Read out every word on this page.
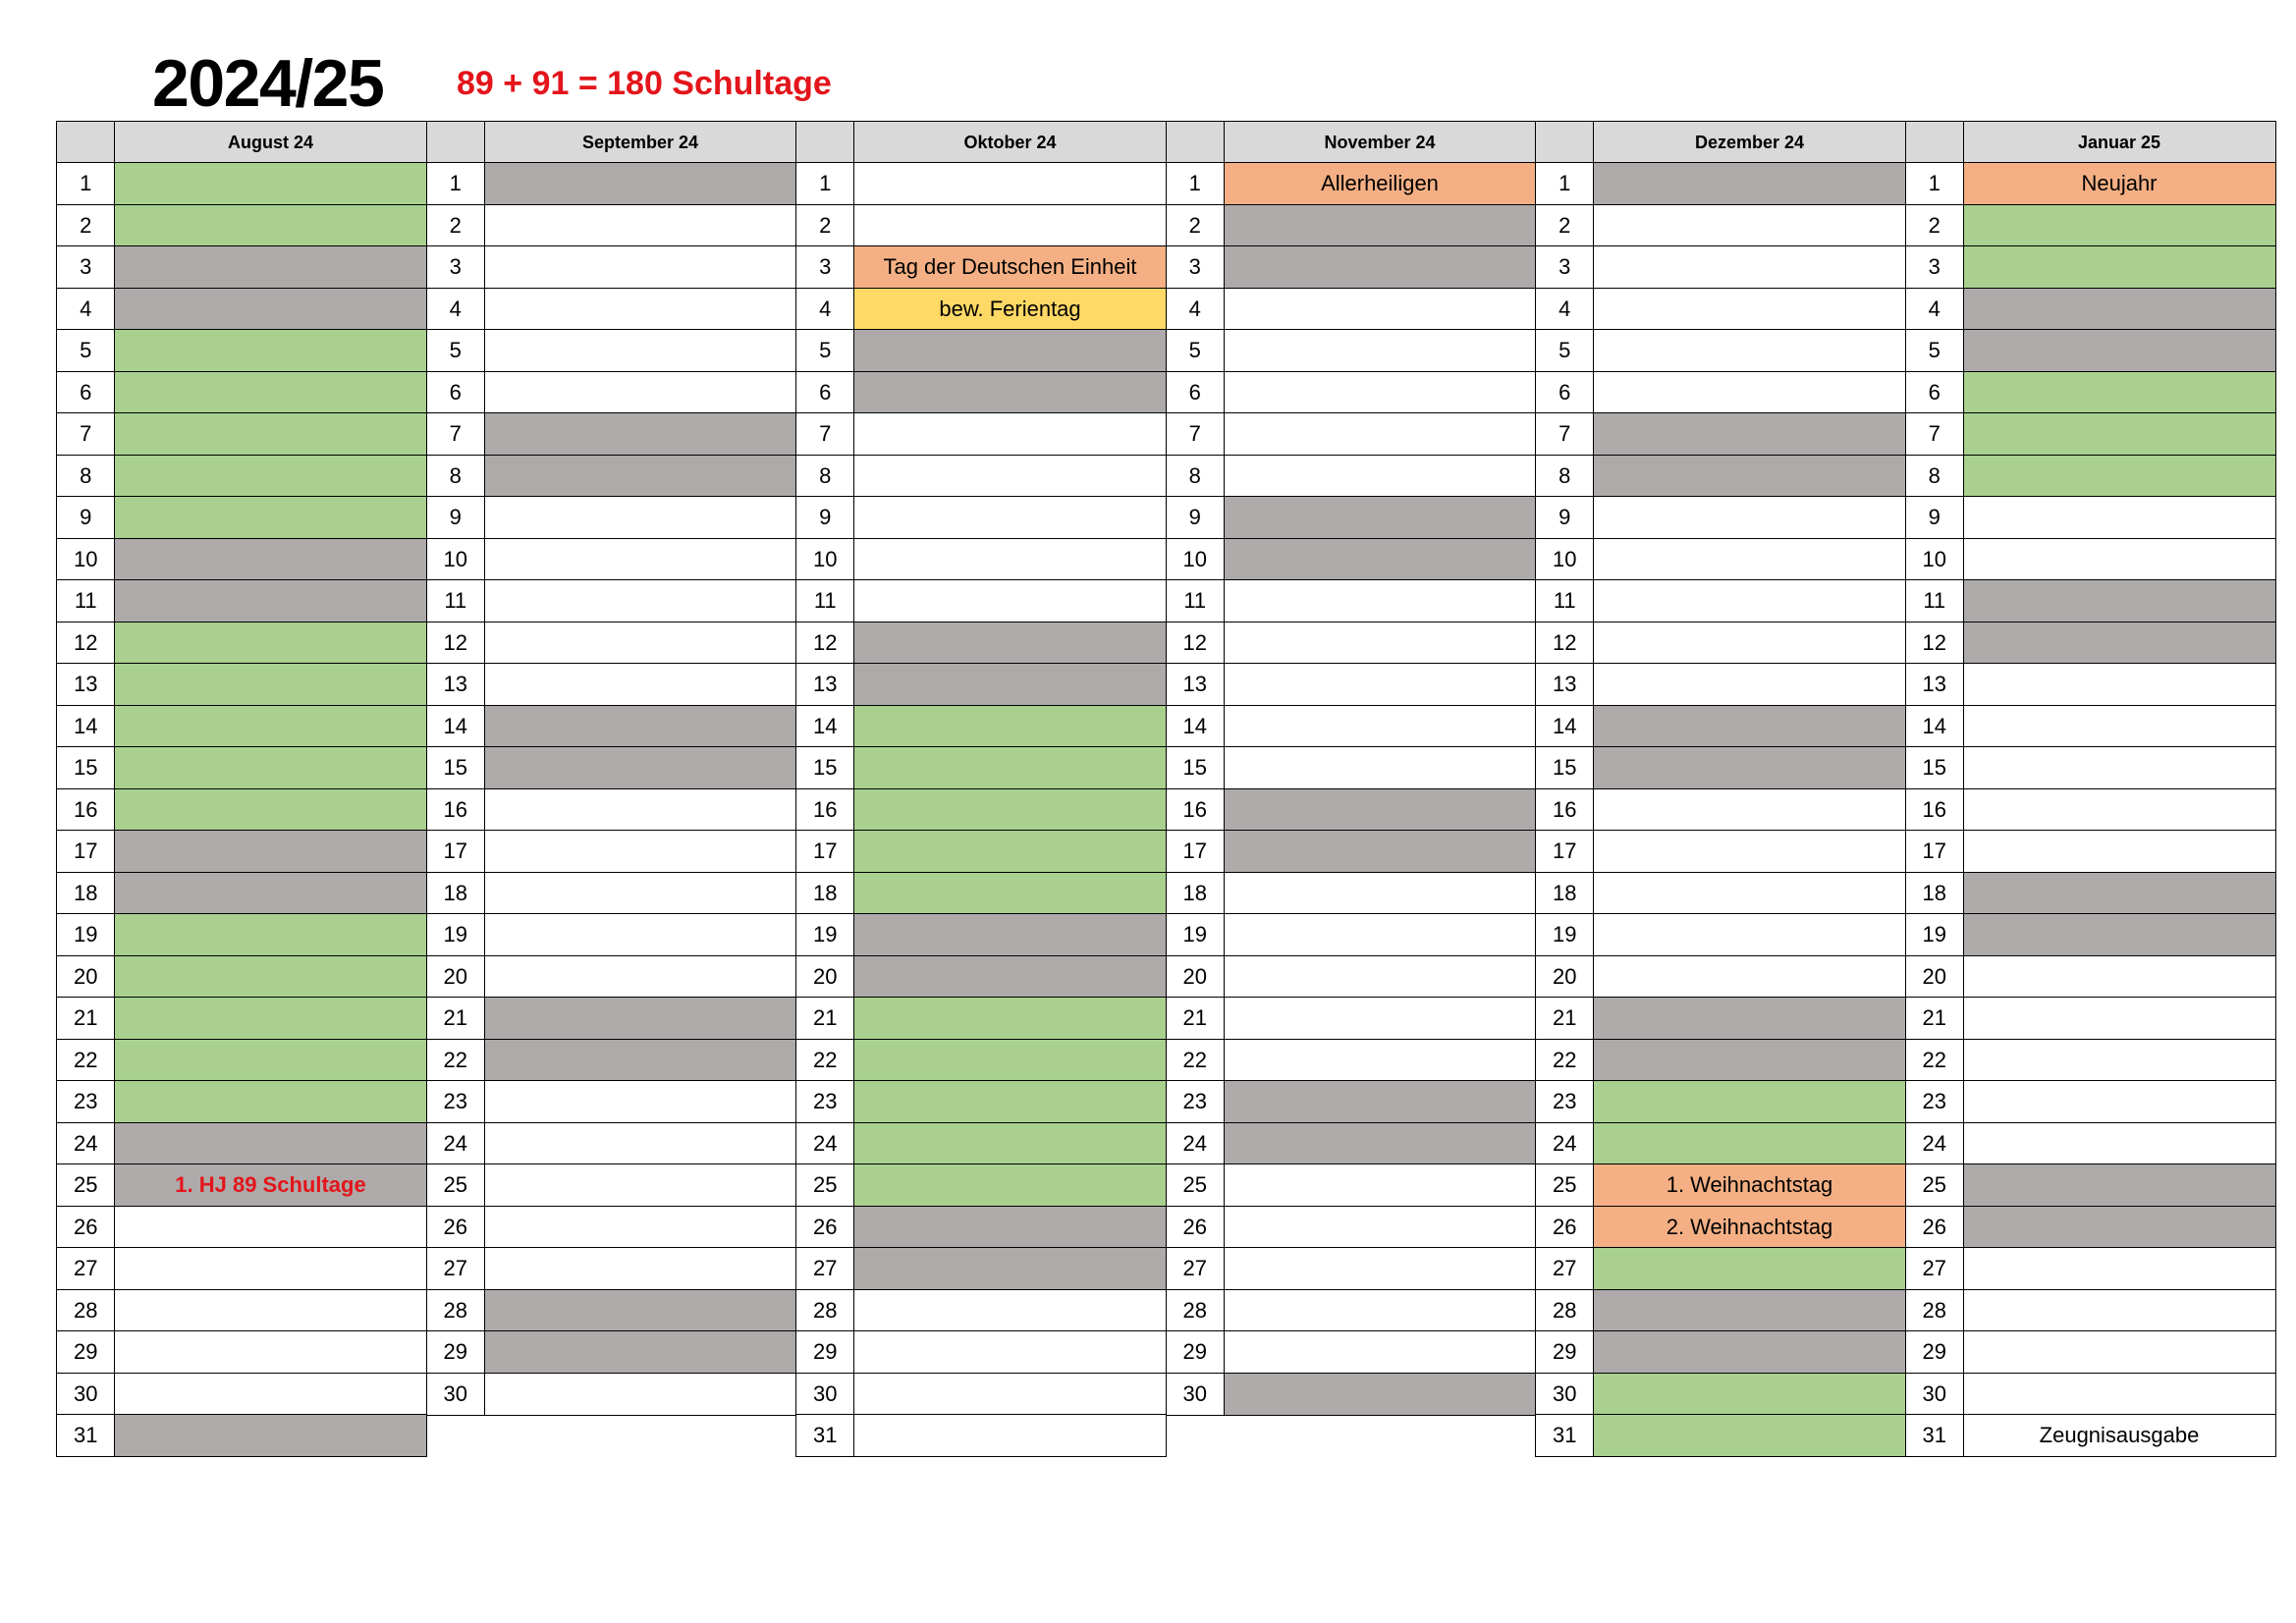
2024/25 89 + 91 = 180 Schultage
August 24
1
2
3
4
5
6
7
8
9
10
11
12
13
14
15
16
17
18
19
20
21
22
23
24
25	1. HJ 89 Schultage
26
27
28
29
30
31
September 24
1
2
3
4
5
6
7
8
9
10
11
12
13
14
15
16
17
18
19
20
21
22
23
24
25
26
27
28
29
30
Oktober 24
1
2
3	Tag der Deutschen Einheit
4	bew. Ferientag
5
6
7
8
9
10
11
12
13
14
15
16
17
18
19
20
21
22
23
24
25
26
27
28
29
30
31
November 24
1	Allerheiligen
2
3
4
5
6
7
8
9
10
11
12
13
14
15
16
17
18
19
20
21
22
23
24
25
26
27
28
29
30
Dezember 24
1
2
3
4
5
6
7
8
9
10
11
12
13
14
15
16
17
18
19
20
21
22
23
24
25	1. Weihnachtstag
26	2. Weihnachtstag
27
28
29
30
31
Januar 25
1	Neujahr
2
3
4
5
6
7
8
9
10
11
12
13
14
15
16
17
18
19
20
21
22
23
24
25
26
27
28
29
30
31	Zeugnisausgabe
